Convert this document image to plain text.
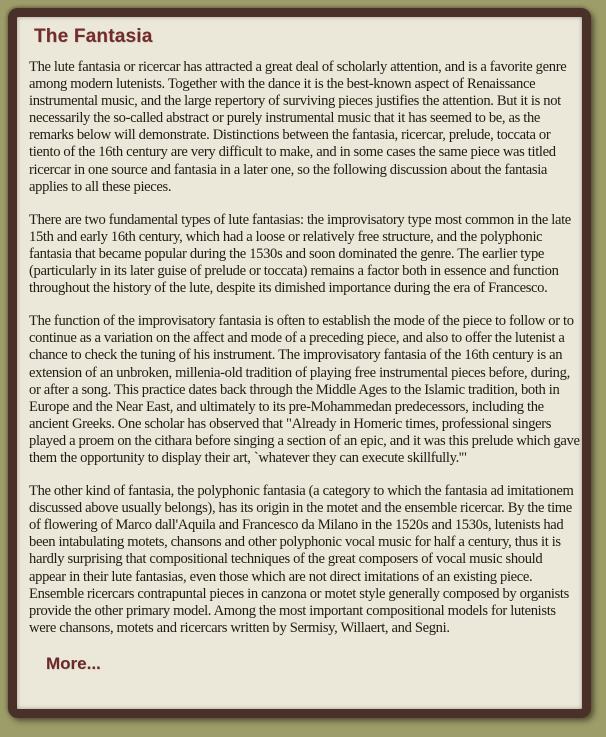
The Fantasia

The lute fantasia or ricercar has attracted a great deal of scholarly attention, and is a favorite genre among modern lutenists. Together with the dance it is the best-known aspect of Renaissance instrumental music, and the large repertory of surviving pieces justifies the attention. But it is not necessarily the so-called abstract or purely instrumental music that it has seemed to be, as the remarks below will demonstrate. Distinctions between the fantasia, ricercar, prelude, toccata or tiento of the 16th century are very difficult to make, and in some cases the same piece was titled ricercar in one source and fantasia in a later one, so the following discussion about the fantasia applies to all these pieces.

There are two fundamental types of lute fantasias: the improvisatory type most common in the late 15th and early 16th century, which had a loose or relatively free structure, and the polyphonic fantasia that became popular during the 1530s and soon dominated the genre. The earlier type (particularly in its later guise of prelude or toccata) remains a factor both in essence and function throughout the history of the lute, despite its dimished importance during the era of Francesco.

The function of the improvisatory fantasia is often to establish the mode of the piece to follow or to continue as a variation on the affect and mode of a preceding piece, and also to offer the lutenist a chance to check the tuning of his instrument. The improvisatory fantasia of the 16th century is an extension of an unbroken, millenia-old tradition of playing free instrumental pieces before, during, or after a song. This practice dates back through the Middle Ages to the Islamic tradition, both in Europe and the Near East, and ultimately to its pre-Mohammedan predecessors, including the ancient Greeks. One scholar has observed that "Already in Homeric times, professional singers played a proem on the cithara before singing a section of an epic, and it was this prelude which gave them the opportunity to display their art, `whatever they can execute skillfully.'"

The other kind of fantasia, the polyphonic fantasia (a category to which the fantasia ad imitationem discussed above usually belongs), has its origin in the motet and the ensemble ricercar. By the time of flowering of Marco dall'Aquila and Francesco da Milano in the 1520s and 1530s, lutenists had been intabulating motets, chansons and other polyphonic vocal music for half a century, thus it is hardly surprising that compositional techniques of the great composers of vocal music should appear in their lute fantasias, even those which are not direct imitations of an existing piece. Ensemble ricercars contrapuntal pieces in canzona or motet style generally composed by organists provide the other primary model. Among the most important compositional models for lutenists were chansons, motets and ricercars written by Sermisy, Willaert, and Segni.

More...
